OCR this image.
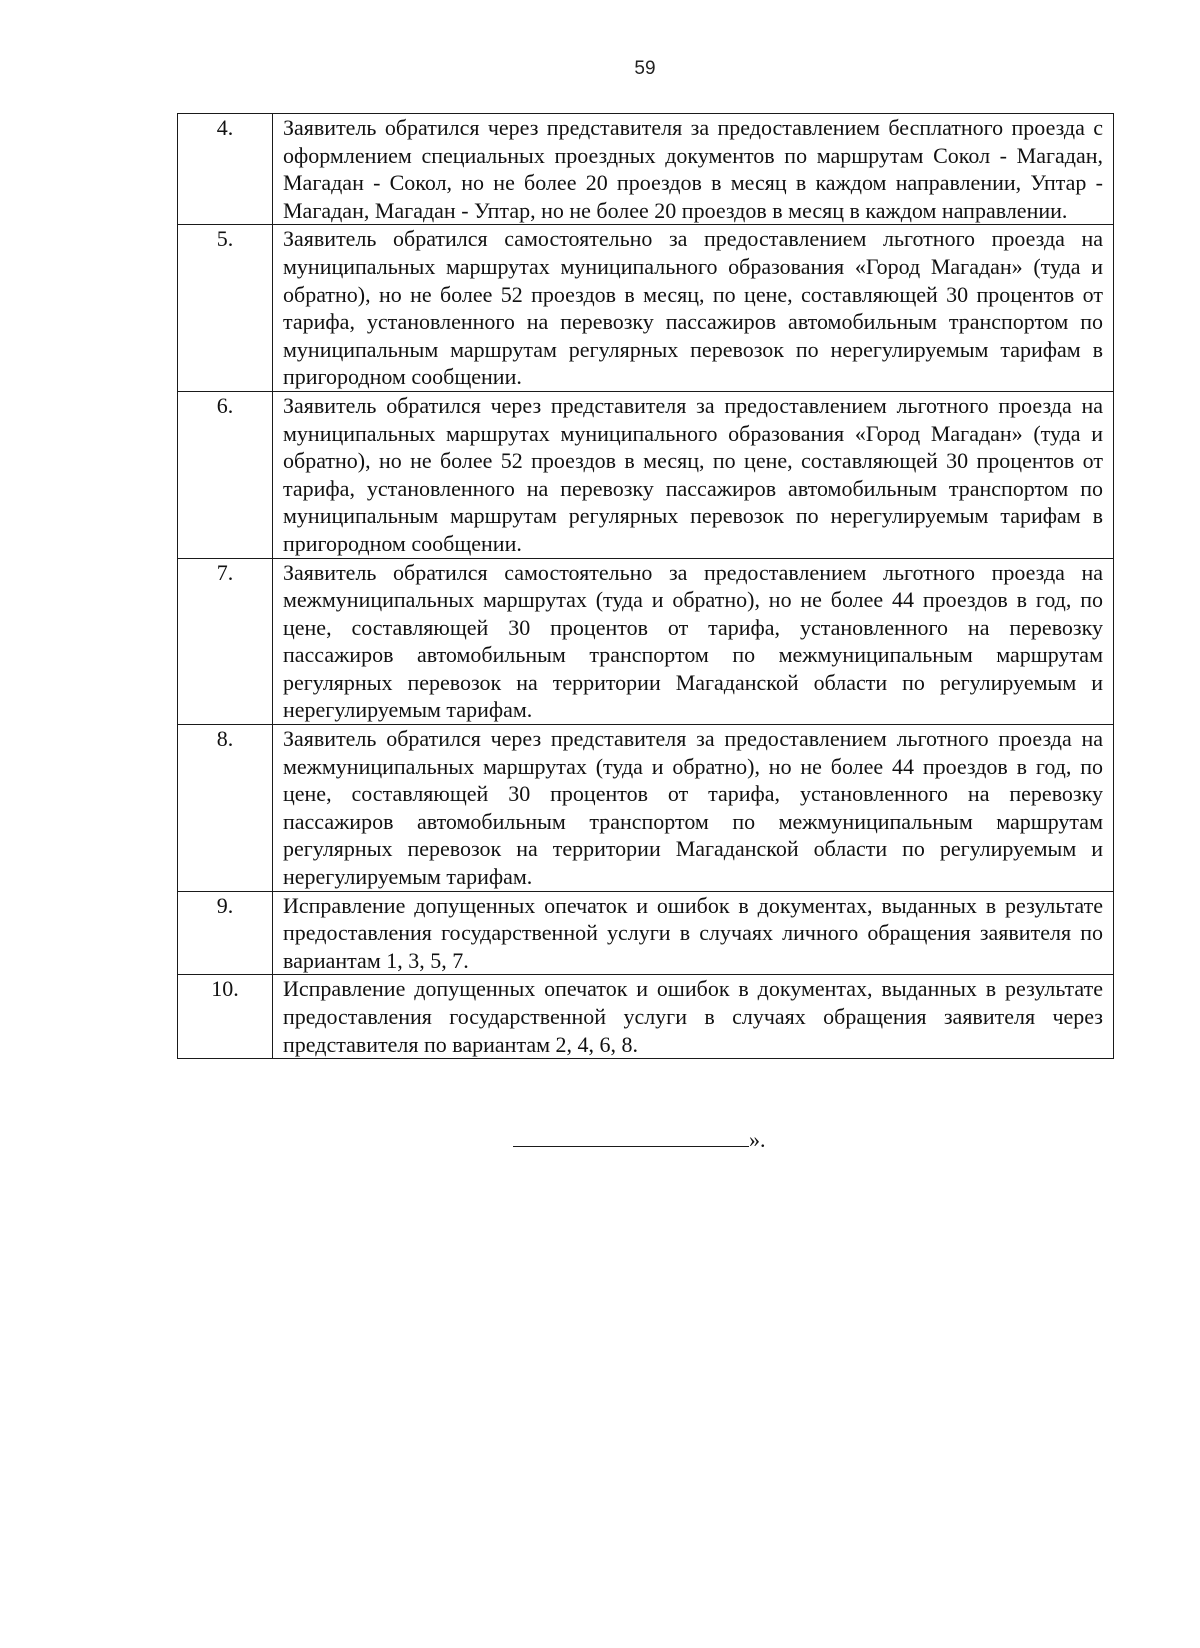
59
4.	Заявитель обратился через представителя за предоставлением бесплатного проезда с оформлением специальных проездных документов по маршрутам Сокол - Магадан, Магадан - Сокол, но не более 20 проездов в месяц в каждом направлении, Уптар - Магадан, Магадан - Уптар, но не более 20 проездов в месяц в каждом направлении.
5.	Заявитель обратился самостоятельно за предоставлением льготного проезда на муниципальных маршрутах муниципального образования «Город Магадан» (туда и обратно), но не более 52 проездов в месяц, по цене, составляющей 30 процентов от тарифа, установленного на перевозку пассажиров автомобильным транспортом по муниципальным маршрутам регулярных перевозок по нерегулируемым тарифам в пригородном сообщении.
6.	Заявитель обратился через представителя за предоставлением льготного проезда на муниципальных маршрутах муниципального образования «Город Магадан» (туда и обратно), но не более 52 проездов в месяц, по цене, составляющей 30 процентов от тарифа, установленного на перевозку пассажиров автомобильным транспортом по муниципальным маршрутам регулярных перевозок по нерегулируемым тарифам в пригородном сообщении.
7.	Заявитель обратился самостоятельно за предоставлением льготного проезда на межмуниципальных маршрутах (туда и обратно), но не более 44 проездов в год, по цене, составляющей 30 процентов от тарифа, установленного на перевозку пассажиров автомобильным транспортом по межмуниципальным маршрутам регулярных перевозок на территории Магаданской области по регулируемым и нерегулируемым тарифам.
8.	Заявитель обратился через представителя за предоставлением льготного проезда на межмуниципальных маршрутах (туда и обратно), но не более 44 проездов в год, по цене, составляющей 30 процентов от тарифа, установленного на перевозку пассажиров автомобильным транспортом по межмуниципальным маршрутам регулярных перевозок на территории Магаданской области по регулируемым и нерегулируемым тарифам.
9.	Исправление допущенных опечаток и ошибок в документах, выданных в результате предоставления государственной услуги в случаях личного обращения заявителя по вариантам 1, 3, 5, 7.
10.	Исправление допущенных опечаток и ошибок в документах, выданных в результате предоставления государственной услуги в случаях обращения заявителя через представителя по вариантам 2, 4, 6, 8.
».
